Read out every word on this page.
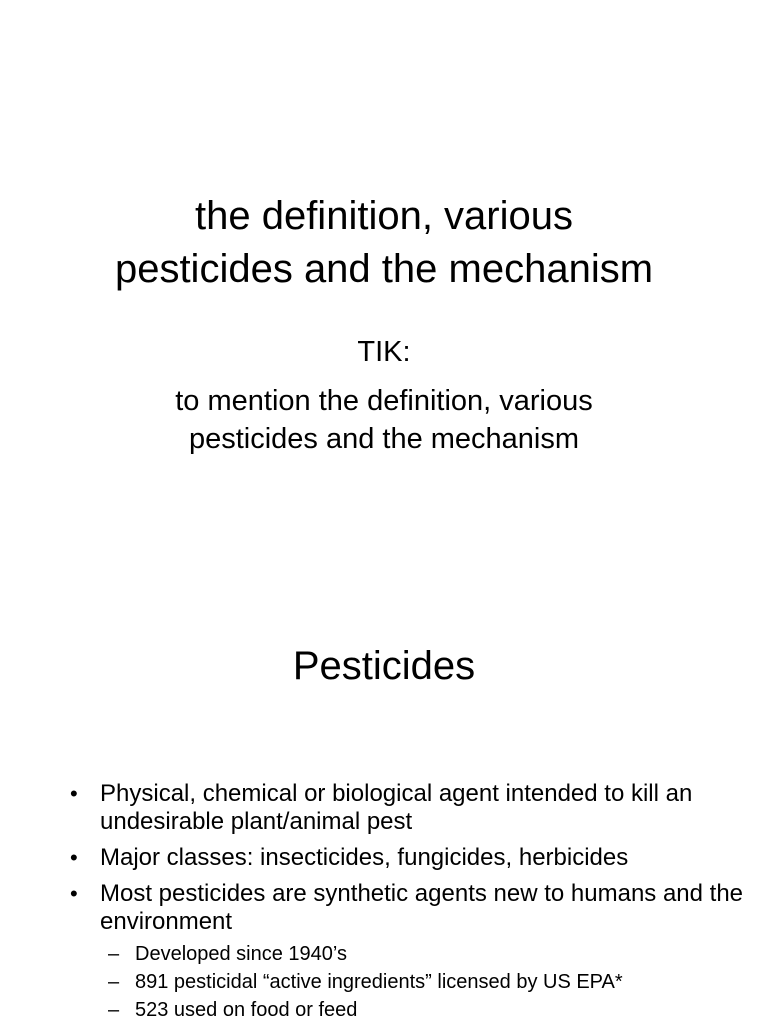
the definition, various
pesticides and the mechanism
TIK:
to mention the definition, various
pesticides and the mechanism
Pesticides
• Physical, chemical or biological agent intended to kill an undesirable plant/animal pest
• Major classes: insecticides, fungicides, herbicides
• Most pesticides are synthetic agents new to humans and the environment
– Developed since 1940’s
– 891 pesticidal “active ingredients” licensed by US EPA*
– 523 used on food or feed
